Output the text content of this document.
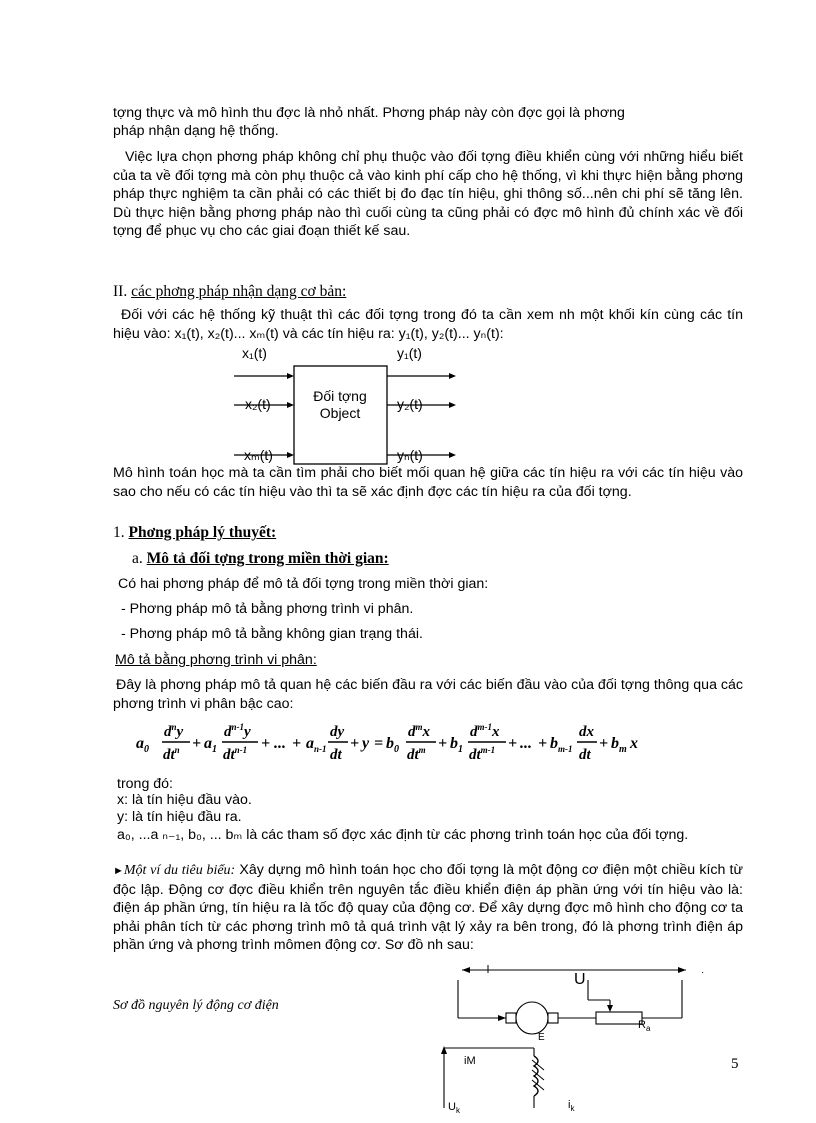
tợng thực và mô hình thu đợc là nhỏ nhất. Phơng pháp này còn đợc gọi là phơng
pháp nhận dạng hệ thống.
Việc lựa chọn phơng pháp không chỉ phụ thuộc vào đối tợng điều khiển cùng với những hiểu biết của ta về đối tợng mà còn phụ thuộc cả vào kinh phí cấp cho hệ thống, vì khi thực hiện bằng phơng pháp thực nghiệm ta cần phải có các thiết bị đo đạc tín hiệu, ghi thông số...nên chi phí sẽ tăng lên. Dù thực hiện bằng phơng pháp nào thì cuối cùng ta cũng phải có đợc mô hình đủ chính xác về đối tợng để phục vụ cho các giai đoạn thiết kế sau.
II. các phơng pháp nhận dạng cơ bản:
Đối với các hệ thống kỹ thuật thì các đối tợng trong đó ta cần xem nh một khối kín cùng các tín hiệu vào: x₁(t), x₂(t)... xₘ(t) và các tín hiệu ra: y₁(t), y₂(t)... yₙ(t):
x₁(t)
x₂(t)
xₘ(t)
y₁(t)
y₂(t)
yₙ(t)
Đối tợng
Object
Mô hình toán học mà ta cần tìm phải cho biết mối quan hệ giữa các tín hiệu ra với các tín hiệu vào sao cho nếu có các tín hiệu vào thì ta sẽ xác định đợc các tín hiệu ra của đối tợng.
1. Phơng pháp lý thuyết:
a. Mô tả đối tợng trong miền thời gian:
Có hai phơng pháp để mô tả đối tợng trong miền thời gian:
- Phơng pháp mô tả bằng phơng trình vi phân.
- Phơng pháp mô tả bằng không gian trạng thái.
Mô tả bằng phơng trình vi phân:
Đây là phơng pháp mô tả quan hệ các biến đầu ra với các biến đầu vào của đối tợng thông qua các phơng trình vi phân bậc cao:
$a_0$
$d^ny$
$dt^n + a_1$
$d^{n-1}y$
$dt^{n-1}$ + ... + $a_{n-1}$
dy
dt
+ $y = b_0$
$d^mx$
$dt^m + b_1$
$d^{m-1}x$
$dt^{m-1}$ + ... + $b_{m-1}$
dx
dt
+ $b_m$ x
trong đó:
x: là tín hiệu đầu vào.
y: là tín hiệu đầu ra.
a₀, ...a ₙ₋₁, b₀, ... bₘ là các tham số đợc xác định từ các phơng trình toán học của đối tợng.
►Một ví du tiêu biểu: Xây dựng mô hình toán học cho đối tợng là một động cơ điện một chiều kích từ độc lập. Động cơ đợc điều khiển trên nguyên tắc điều khiển điện áp phần ứng với tín hiệu vào là: điện áp phần ứng, tín hiệu ra là tốc độ quay của động cơ. Để xây dựng đợc mô hình cho động cơ ta phải phân tích từ các phơng trình mô tả quá trình vật lý xảy ra bên trong, đó là phơng trình điện áp phần ứng và phơng trình mômen động cơ. Sơ đồ nh sau:
Sơ đồ nguyên lý động cơ điện
U	·
E
$R_a$
iM
$U_k$	$i_k$
5
